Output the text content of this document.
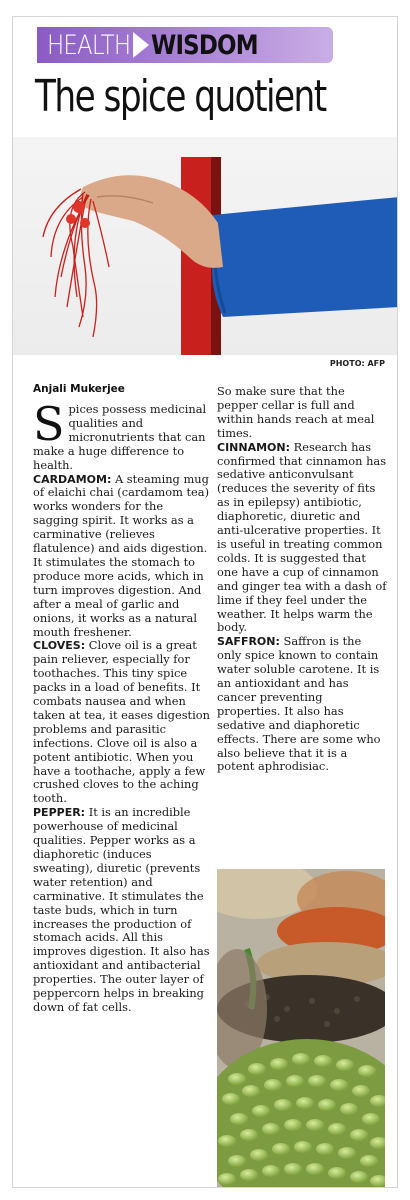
HEALTH WISDOM
The spice quotient
PHOTO: AFP
Anjali Mukerjee

Spices possess medicinal qualities and micronutrients that can make a huge difference to health.

CARDAMOM: A steaming mug of elaichi chai (cardamom tea) works wonders for the sagging spirit. It works as a carminative (relieves flatulence) and aids digestion. It stimulates the stomach to produce more acids, which in turn improves digestion. And after a meal of garlic and onions, it works as a natural mouth freshener.

CLOVES: Clove oil is a great pain reliever, especially for toothaches. This tiny spice packs in a load of benefits. It combats nausea and when taken at tea, it eases digestion problems and parasitic infections. Clove oil is also a potent antibiotic. When you have a toothache, apply a few crushed cloves to the aching tooth.

PEPPER: It is an incredible powerhouse of medicinal qualities. Pepper works as a diaphoretic (induces sweating), diuretic (prevents water retention) and carminative. It stimulates the taste buds, which in turn increases the production of stomach acids. All this improves digestion. It also has antioxidant and antibacterial properties. The outer layer of peppercorn helps in breaking down of fat cells.

So make sure that the pepper cellar is full and within hands reach at meal times.

CINNAMON: Research has confirmed that cinnamon has sedative anticonvulsant (reduces the severity of fits as in epilepsy) antibiotic, diaphoretic, diuretic and anti-ulcerative properties. It is useful in treating common colds. It is suggested that one have a cup of cinnamon and ginger tea with a dash of lime if they feel under the weather. It helps warm the body.

SAFFRON: Saffron is the only spice known to contain water soluble carotene. It is an antioxidant and has cancer preventing properties. It also has sedative and diaphoretic effects. There are some who also believe that it is a potent aphrodisiac.
